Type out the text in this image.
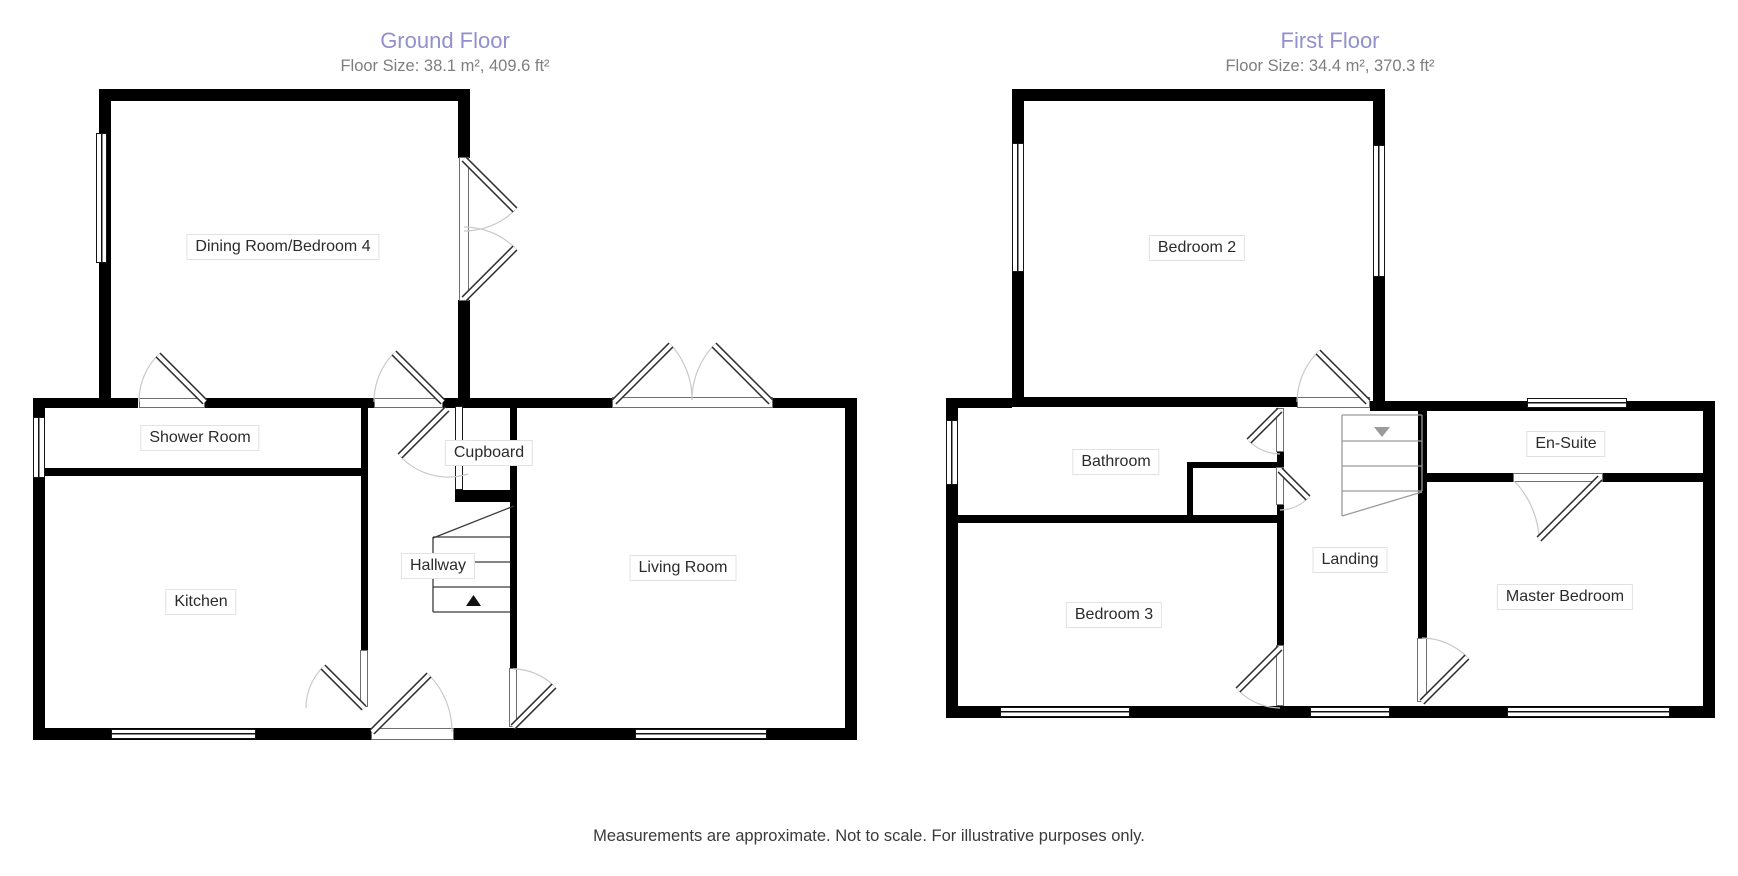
Ground Floor
Floor Size: 38.1 m², 409.6 ft²
First Floor
Floor Size: 34.4 m², 370.3 ft²
Dining Room/Bedroom 4
Shower Room
Cupboard
Kitchen
Hallway	Living Room
Bedroom 2
Bathroom
En-Suite
Landing
Bedroom 3
Master Bedroom
Measurements are approximate. Not to scale. For illustrative purposes only.
